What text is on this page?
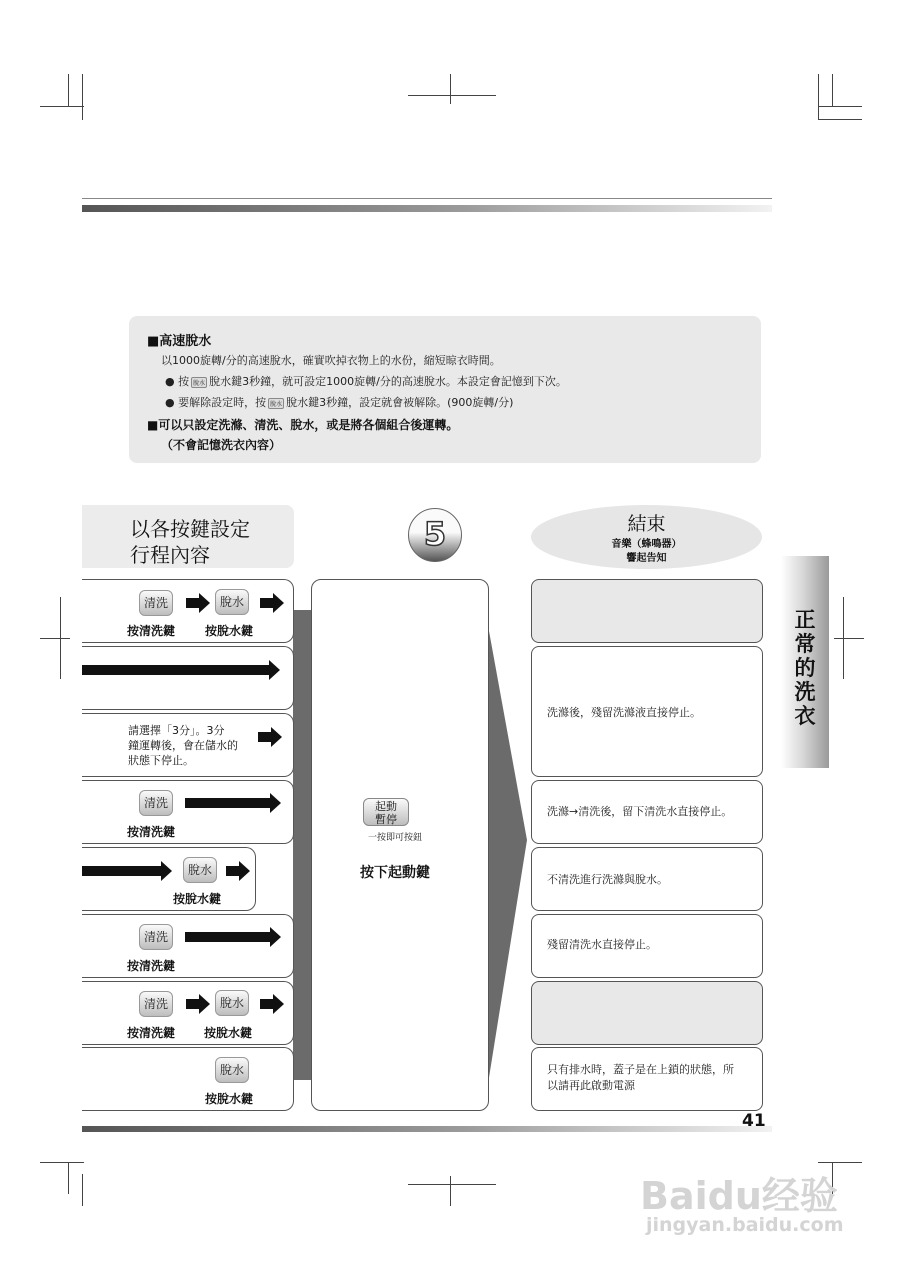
■高速脫水
以1000旋轉/分的高速脫水，確實吹掉衣物上的水份，縮短晾衣時間。
● 按 脫水 脫水鍵3秒鐘，就可設定1000旋轉/分的高速脫水。本設定會記憶到下次。
● 要解除設定時，按 脫水 脫水鍵3秒鐘，設定就會被解除。(900旋轉/分)
■可以只設定洗滌、清洗、脫水，或是將各個組合後運轉。
（不會記憶洗衣內容）
以各按鍵設定
行程內容
5	結束
音樂（蜂鳴器）
響起告知
起動
暫停
一按即可按鈕
按下起動鍵
清洗	脫水
按清洗鍵 按脫水鍵
請選擇「3分」。3分
鐘運轉後，會在儲水的
狀態下停止。
清洗
按清洗鍵
脫水
按脫水鍵
清洗
按清洗鍵
清洗	脫水
按清洗鍵 按脫水鍵
脫水
按脫水鍵
洗滌後，殘留洗滌液直接停止。
洗滌→清洗後，留下清洗水直接停止。
不清洗進行洗滌與脫水。
殘留清洗水直接停止。
只有排水時，蓋子是在上鎖的狀態，所
以請再此啟動電源
正常的洗衣
41
Baidu经验
jingyan.baidu.com
